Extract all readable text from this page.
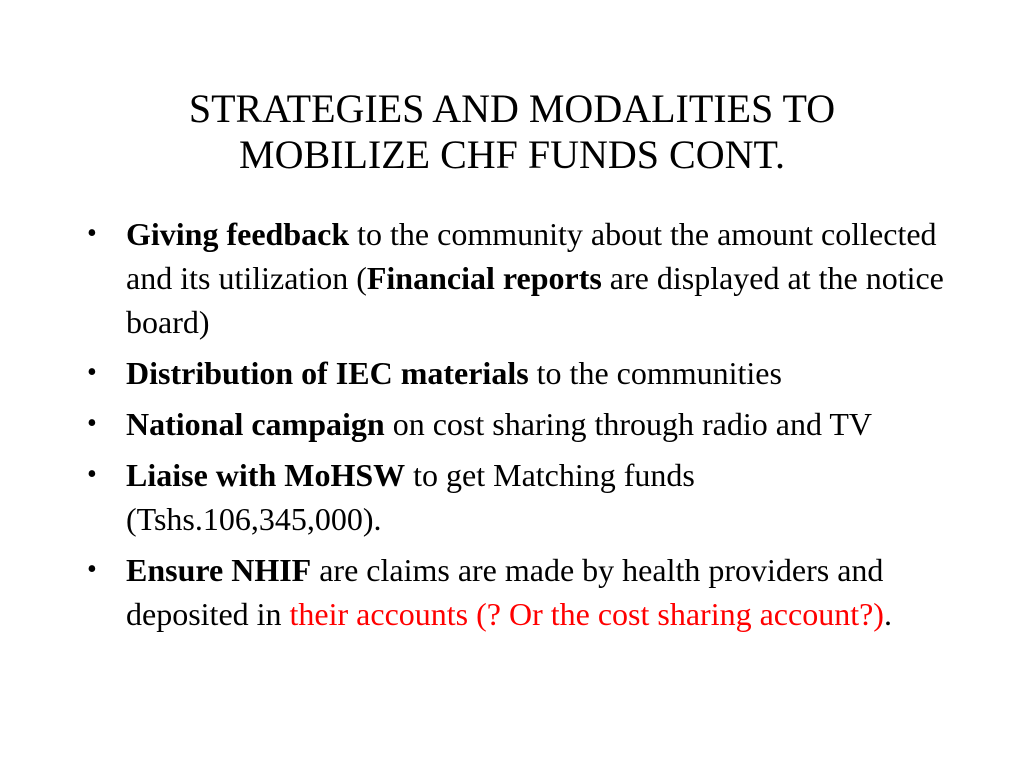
STRATEGIES AND MODALITIES TO
MOBILIZE CHF FUNDS CONT.
• Giving feedback to the community about the amount collected and its utilization (Financial reports are displayed at the notice board)
• Distribution of IEC materials to the communities
• National campaign on cost sharing through radio and TV
• Liaise with MoHSW to get Matching funds (Tshs.106,345,000).
• Ensure NHIF are claims are made by health providers and deposited in their accounts (? Or the cost sharing account?).
